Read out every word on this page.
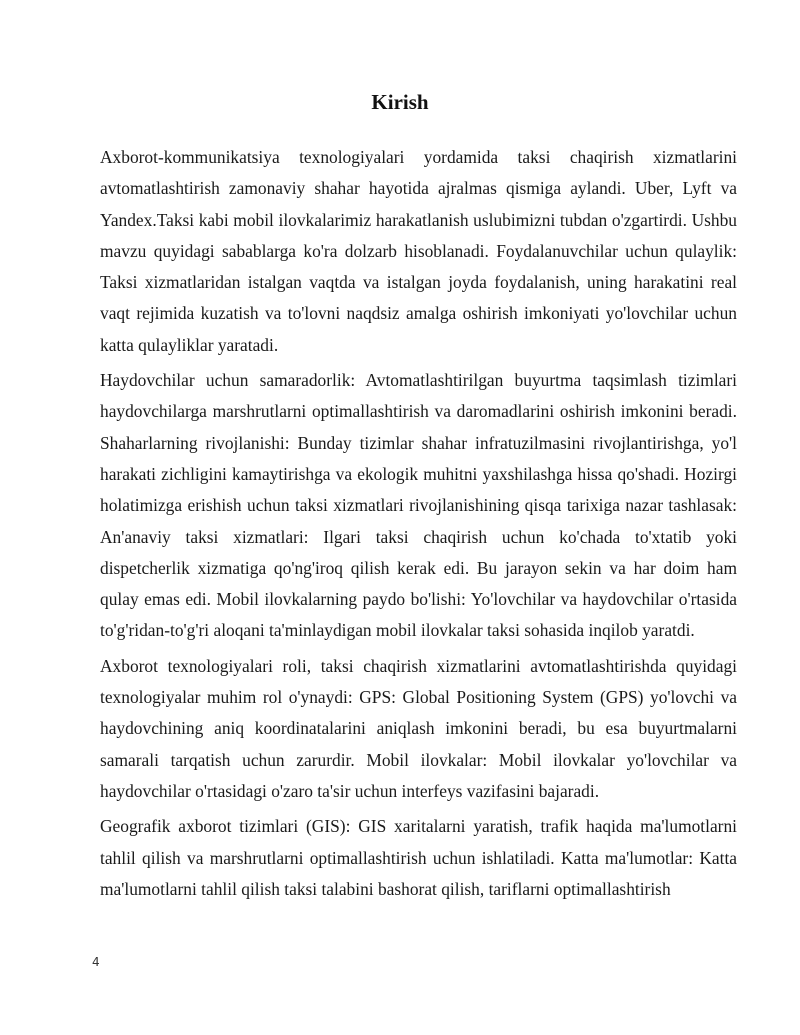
Kirish

Axborot-kommunikatsiya texnologiyalari yordamida taksi chaqirish xizmatlarini avtomatlashtirish zamonaviy shahar hayotida ajralmas qismiga aylandi. Uber, Lyft va Yandex.Taksi kabi mobil ilovkalarimiz harakatlanish uslubimizni tubdan o'zgartirdi. Ushbu mavzu quyidagi sabablarga ko'ra dolzarb hisoblanadi. Foydalanuvchilar uchun qulaylik: Taksi xizmatlaridan istalgan vaqtda va istalgan joyda foydalanish, uning harakatini real vaqt rejimida kuzatish va to'lovni naqdsiz amalga oshirish imkoniyati yo'lovchilar uchun katta qulayliklar yaratadi.

Haydovchilar uchun samaradorlik: Avtomatlashtirilgan buyurtma taqsimlash tizimlari haydovchilarga marshrutlarni optimallashtirish va daromadlarini oshirish imkonini beradi. Shaharlarning rivojlanishi: Bunday tizimlar shahar infratuzilmasini rivojlantirishga, yo'l harakati zichligini kamaytirishga va ekologik muhitni yaxshilashga hissa qo'shadi. Hozirgi holatimizga erishish uchun taksi xizmatlari rivojlanishining qisqa tarixiga nazar tashlasak: An'anaviy taksi xizmatlari: Ilgari taksi chaqirish uchun ko'chada to'xtatib yoki dispetcherlik xizmatiga qo'ng'iroq qilish kerak edi. Bu jarayon sekin va har doim ham qulay emas edi. Mobil ilovkalarning paydo bo'lishi: Yo'lovchilar va haydovchilar o'rtasida to'g'ridan-to'g'ri aloqani ta'minlaydigan mobil ilovkalar taksi sohasida inqilob yaratdi.

Axborot texnologiyalari roli, taksi chaqirish xizmatlarini avtomatlashtirishda quyidagi texnologiyalar muhim rol o'ynaydi: GPS: Global Positioning System (GPS) yo'lovchi va haydovchining aniq koordinatalarini aniqlash imkonini beradi, bu esa buyurtmalarni samarali tarqatish uchun zarurdir. Mobil ilovkalar: Mobil ilovkalar yo'lovchilar va haydovchilar o'rtasidagi o'zaro ta'sir uchun interfeys vazifasini bajaradi.

Geografik axborot tizimlari (GIS): GIS xaritalarni yaratish, trafik haqida ma'lumotlarni tahlil qilish va marshrutlarni optimallashtirish uchun ishlatiladi. Katta ma'lumotlar: Katta ma'lumotlarni tahlil qilish taksi talabini bashorat qilish, tariflarni optimallashtirish

4
